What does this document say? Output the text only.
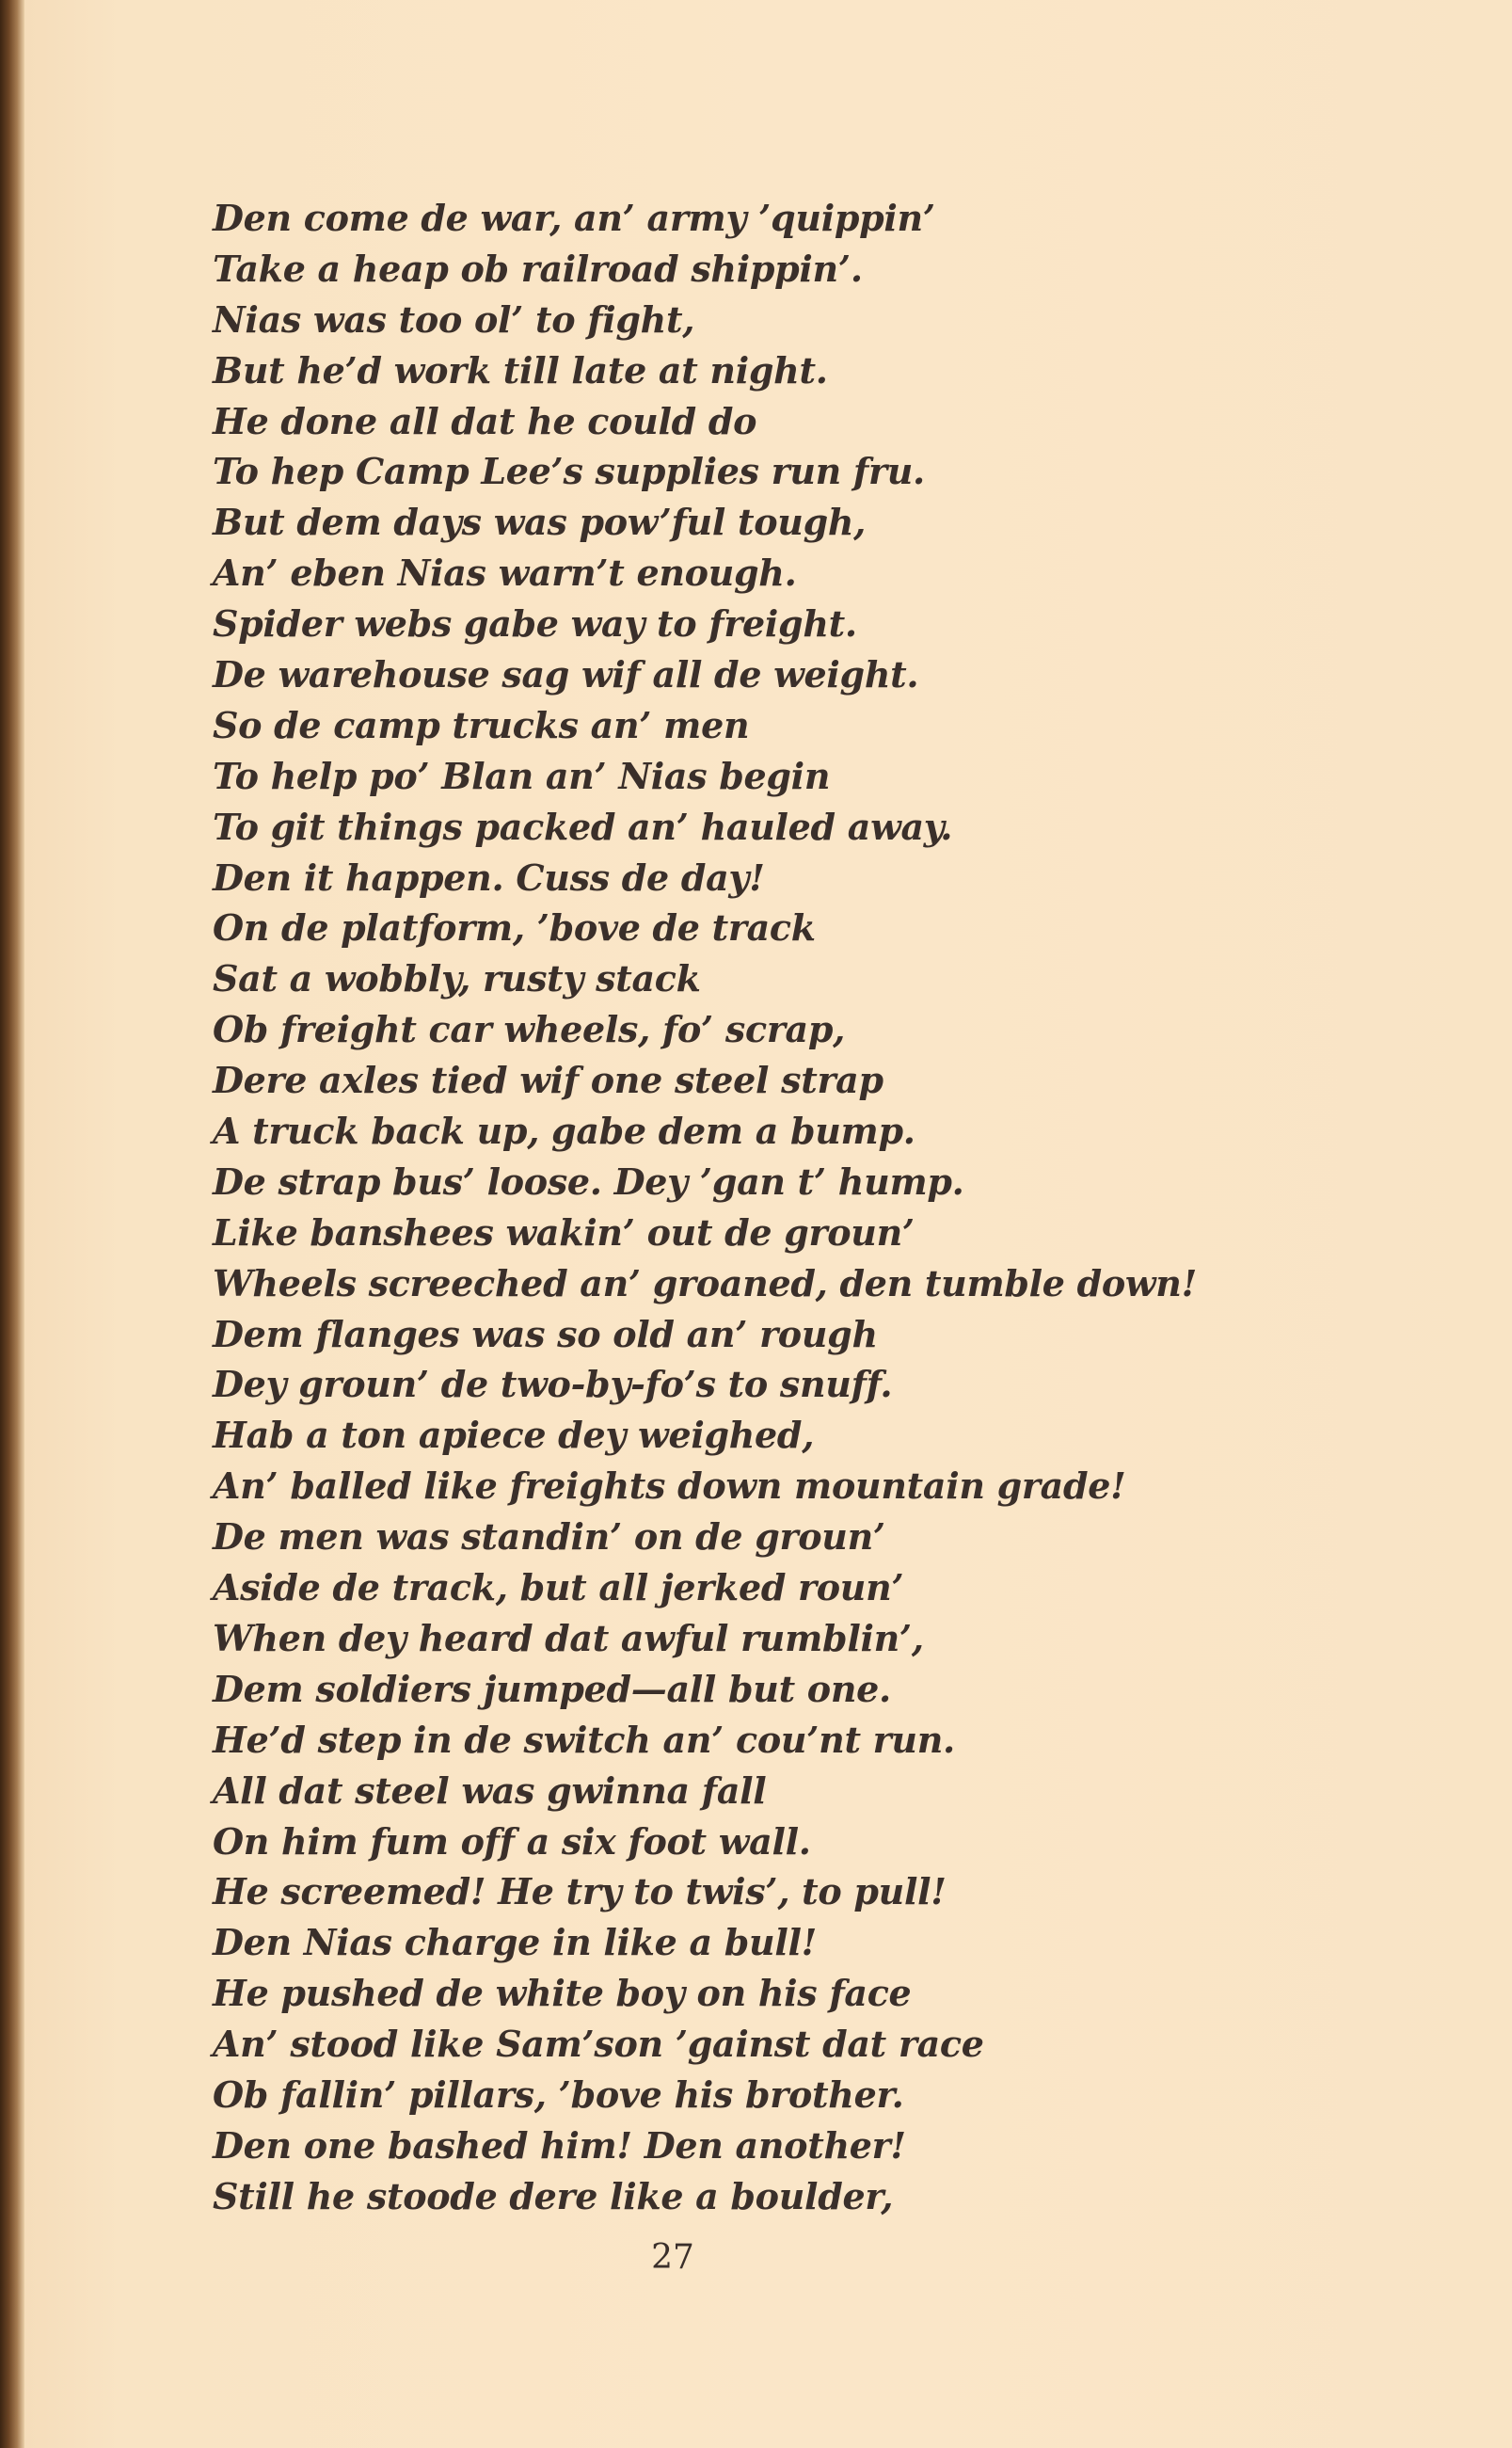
Den come de war, an’ army ’quippin’
Take a heap ob railroad shippin’.
Nias was too ol’ to fight,
But he’d work till late at night.
He done all dat he could do
To hep Camp Lee’s supplies run fru.
But dem days was pow’ful tough,
An’ eben Nias warn’t enough.
Spider webs gabe way to freight.
De warehouse sag wif all de weight.
So de camp trucks an’ men
To help po’ Blan an’ Nias begin
To git things packed an’ hauled away.
Den it happen. Cuss de day!
On de platform, ’bove de track
Sat a wobbly, rusty stack
Ob freight car wheels, fo’ scrap,
Dere axles tied wif one steel strap
A truck back up, gabe dem a bump.
De strap bus’ loose. Dey ’gan t’ hump.
Like banshees wakin’ out de groun’
Wheels screeched an’ groaned, den tumble down!
Dem flanges was so old an’ rough
Dey groun’ de two-by-fo’s to snuff.
Hab a ton apiece dey weighed,
An’ balled like freights down mountain grade!
De men was standin’ on de groun’
Aside de track, but all jerked roun’
When dey heard dat awful rumblin’,
Dem soldiers jumped—all but one.
He’d step in de switch an’ cou’nt run.
All dat steel was gwinna fall
On him fum off a six foot wall.
He screemed! He try to twis’, to pull!
Den Nias charge in like a bull!
He pushed de white boy on his face
An’ stood like Sam’son ’gainst dat race
Ob fallin’ pillars, ’bove his brother.
Den one bashed him! Den another!
Still he stoode dere like a boulder,
27
